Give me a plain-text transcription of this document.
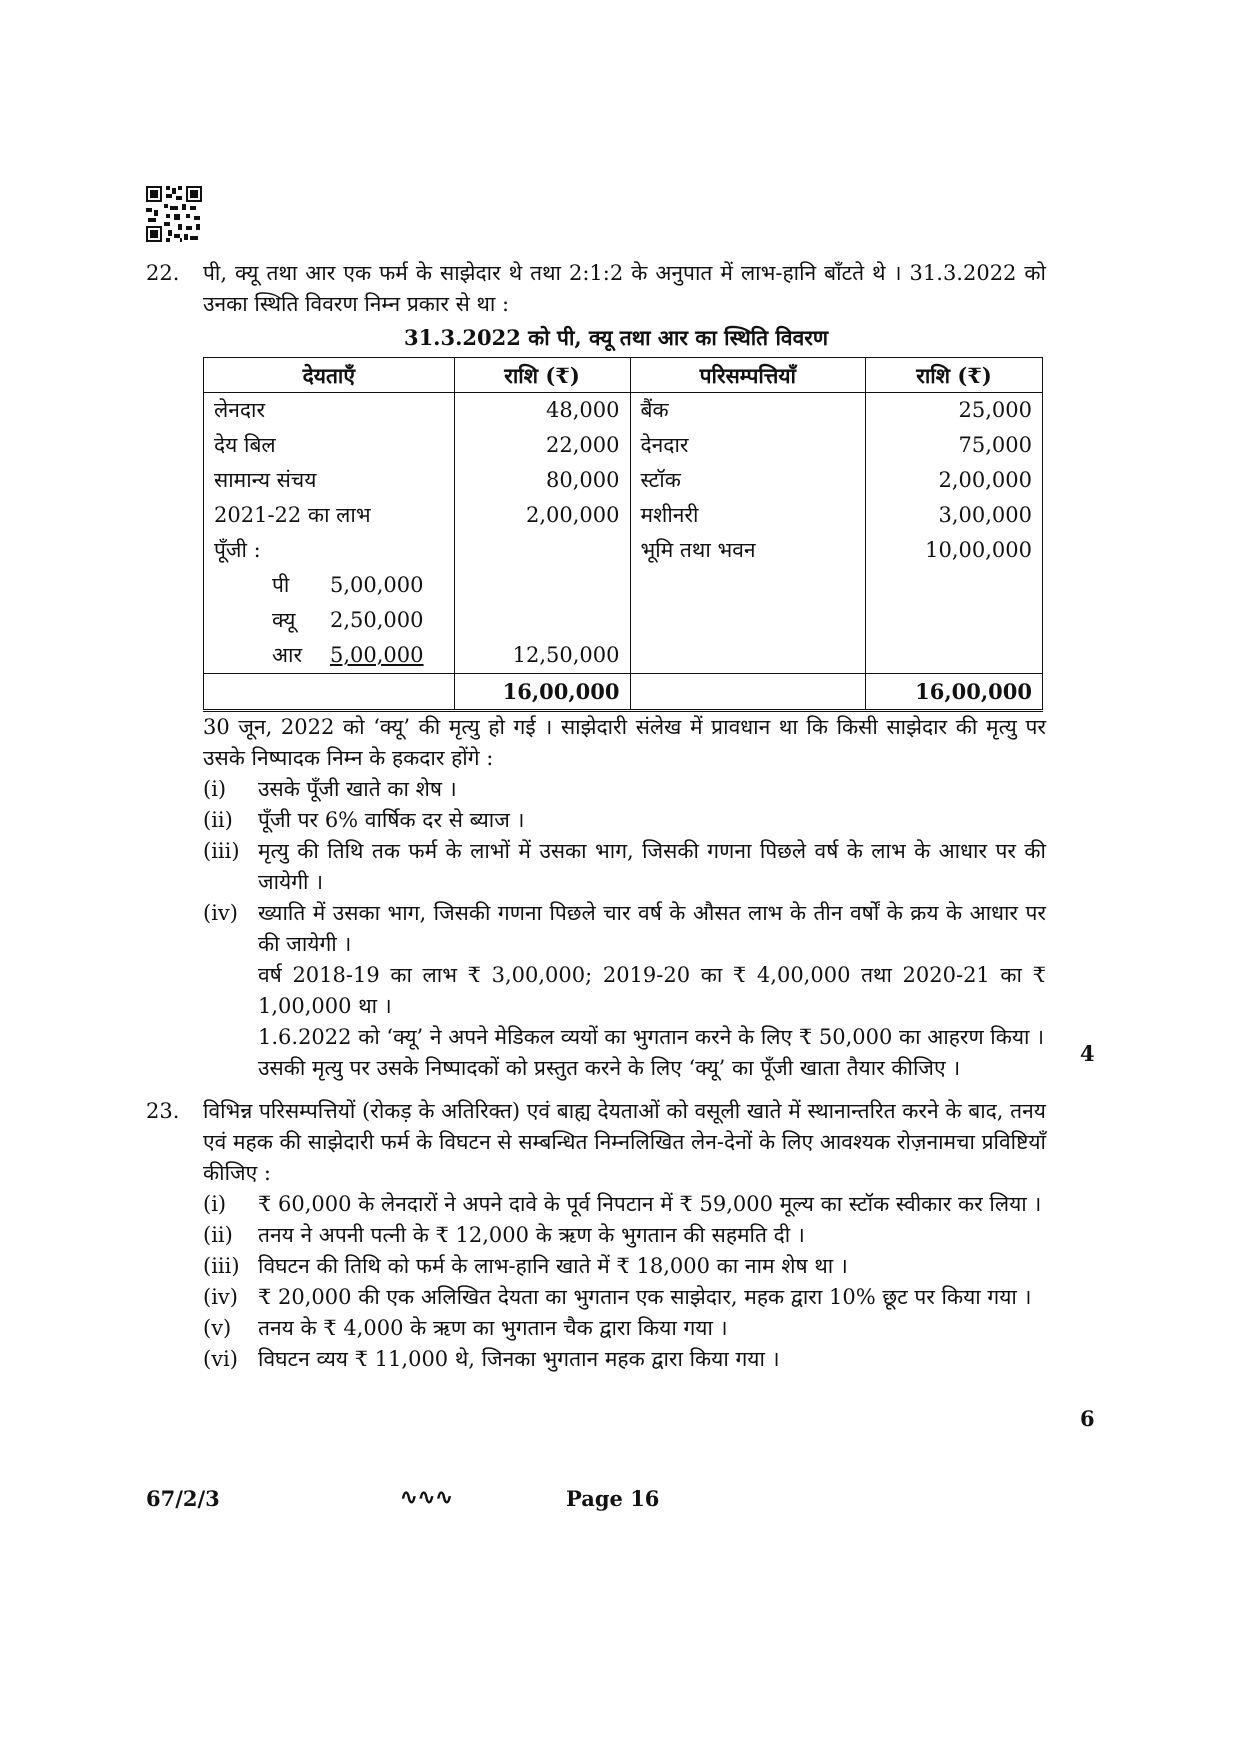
22.	पी, क्यू तथा आर एक फर्म के साझेदार थे तथा 2:1:2 के अनुपात में लाभ-हानि बाँटते थे । 31.3.2022 को उनका स्थिति विवरण निम्न प्रकार से था :
31.3.2022 को पी, क्यू तथा आर का स्थिति विवरण
देयताएँ	राशि (₹)	परिसम्पत्तियाँ	राशि (₹)
लेनदार	48,000	बैंक	25,000
देय बिल	22,000	देनदार	75,000
सामान्य संचय	80,000	स्टॉक	2,00,000
2021-22 का लाभ	2,00,000	मशीनरी	3,00,000
पूँजी :		भूमि तथा भवन	10,00,000
पी 5,00,000			
क्यू 2,50,000			
आर 5,00,000	12,50,000		
	16,00,000		16,00,000
30 जून, 2022 को ‘क्यू’ की मृत्यु हो गई । साझेदारी संलेख में प्रावधान था कि किसी साझेदार की मृत्यु पर उसके निष्पादक निम्न के हकदार होंगे :
(i) उसके पूँजी खाते का शेष ।
(ii) पूँजी पर 6% वार्षिक दर से ब्याज ।
(iii) मृत्यु की तिथि तक फर्म के लाभों में उसका भाग, जिसकी गणना पिछले वर्ष के लाभ के आधार पर की जायेगी ।
(iv) ख्याति में उसका भाग, जिसकी गणना पिछले चार वर्ष के औसत लाभ के तीन वर्षों के क्रय के आधार पर की जायेगी ।
वर्ष 2018-19 का लाभ ₹ 3,00,000; 2019-20 का ₹ 4,00,000 तथा 2020-21 का ₹ 1,00,000 था ।
1.6.2022 को ‘क्यू’ ने अपने मेडिकल व्ययों का भुगतान करने के लिए ₹ 50,000 का आहरण किया ।
उसकी मृत्यु पर उसके निष्पादकों को प्रस्तुत करने के लिए ‘क्यू’ का पूँजी खाता तैयार कीजिए ।
4
23.	विभिन्न परिसम्पत्तियों (रोकड़ के अतिरिक्त) एवं बाह्य देयताओं को वसूली खाते में स्थानान्तरित करने के बाद, तनय एवं महक की साझेदारी फर्म के विघटन से सम्बन्धित निम्नलिखित लेन-देनों के लिए आवश्यक रोज़नामचा प्रविष्टियाँ कीजिए :
(i) ₹ 60,000 के लेनदारों ने अपने दावे के पूर्व निपटान में ₹ 59,000 मूल्य का स्टॉक स्वीकार कर लिया ।
(ii) तनय ने अपनी पत्नी के ₹ 12,000 के ऋण के भुगतान की सहमति दी ।
(iii) विघटन की तिथि को फर्म के लाभ-हानि खाते में ₹ 18,000 का नाम शेष था ।
(iv) ₹ 20,000 की एक अलिखित देयता का भुगतान एक साझेदार, महक द्वारा 10% छूट पर किया गया ।
(v) तनय के ₹ 4,000 के ऋण का भुगतान चैक द्वारा किया गया ।
(vi) विघटन व्यय ₹ 11,000 थे, जिनका भुगतान महक द्वारा किया गया ।
6
67/2/3	∿∿∿	Page 16
